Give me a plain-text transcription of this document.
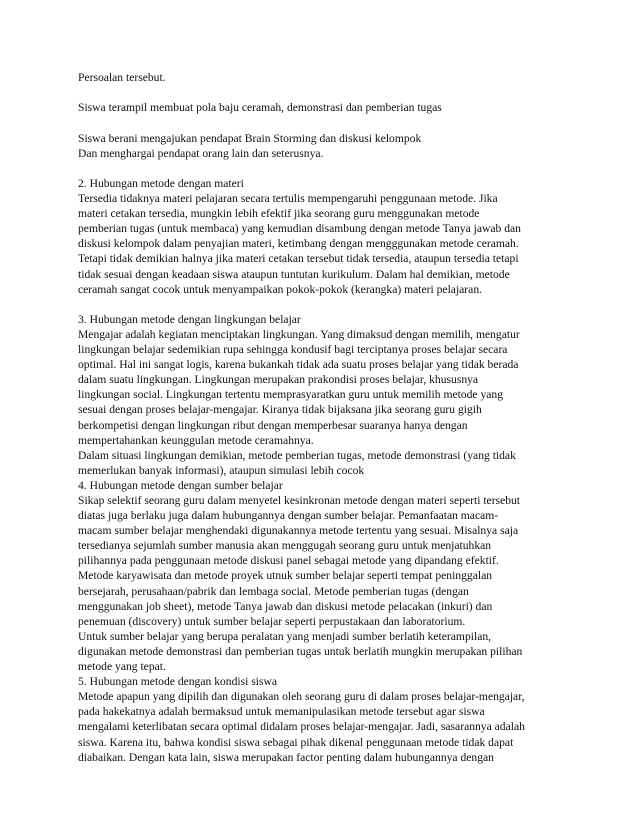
Persoalan tersebut.
Siswa terampil membuat pola baju ceramah, demonstrasi dan pemberian tugas
Siswa berani mengajukan pendapat Brain Storming dan diskusi kelompok
Dan menghargai pendapat orang lain dan seterusnya.
2. Hubungan metode dengan materi
Tersedia tidaknya materi pelajaran secara tertulis mempengaruhi penggunaan metode. Jika
materi cetakan tersedia, mungkin lebih efektif jika seorang guru menggunakan metode
pemberian tugas (untuk membaca) yang kemudian disambung dengan metode Tanya jawab dan
diskusi kelompok dalam penyajian materi, ketimbang dengan mengggunakan metode ceramah.
Tetapi tidak demikian halnya jika materi cetakan tersebut tidak tersedia, ataupun tersedia tetapi
tidak sesuai dengan keadaan siswa ataupun tuntutan kurikulum. Dalam hal demikian, metode
ceramah sangat cocok untuk menyampaikan pokok-pokok (kerangka) materi pelajaran.
3. Hubungan metode dengan lingkungan belajar
Mengajar adalah kegiatan menciptakan lingkungan. Yang dimaksud dengan memilih, mengatur
lingkungan belajar sedemikian rupa sehingga kondusif bagi terciptanya proses belajar secara
optimal. Hal ini sangat logis, karena bukankah tidak ada suatu proses belajar yang tidak berada
dalam suatu lingkungan. Lingkungan merupakan prakondisi proses belajar, khususnya
lingkungan social. Lingkungan tertentu memprasyaratkan guru untuk memilih metode yang
sesuai dengan proses belajar-mengajar. Kiranya tidak bijaksana jika seorang guru gigih
berkompetisi dengan lingkungan ribut dengan memperbesar suaranya hanya dengan
mempertahankan keunggulan metode ceramahnya.
Dalam situasi lingkungan demikian, metode pemberian tugas, metode demonstrasi (yang tidak
memerlukan banyak informasi), ataupun simulasi lebih cocok
4. Hubungan metode dengan sumber belajar
Sikap selektif seorang guru dalam menyetel kesinkronan metode dengan materi seperti tersebut
diatas juga berlaku juga dalam hubungannya dengan sumber belajar. Pemanfaatan macam-
macam sumber belajar menghendaki digunakannya metode tertentu yang sesuai. Misalnya saja
tersedianya sejumlah sumber manusia akan menggugah seorang guru untuk menjatuhkan
pilihannya pada penggunaan metode diskusi panel sebagai metode yang dipandang efektif.
Metode karyawisata dan metode proyek utnuk sumber belajar seperti tempat peninggalan
bersejarah, perusahaan/pabrik dan lembaga social. Metode pemberian tugas (dengan
menggunakan job sheet), metode Tanya jawab dan diskusi metode pelacakan (inkuri) dan
penemuan (discovery) untuk sumber belajar seperti perpustakaan dan laboratorium.
Untuk sumber belajar yang berupa peralatan yang menjadi sumber berlatih keterampilan,
digunakan metode demonstrasi dan pemberian tugas untuk berlatih mungkin merupakan pilihan
metode yang tepat.
5. Hubungan metode dengan kondisi siswa
Metode apapun yang dipilih dan digunakan oleh seorang guru di dalam proses belajar-mengajar,
pada hakekatnya adalah bermaksud untuk memanipulasikan metode tersebut agar siswa
mengalami keterlibatan secara optimal didalam proses belajar-mengajar. Jadi, sasarannya adalah
siswa. Karena itu, bahwa kondisi siswa sebagai pihak dikenal penggunaan metode tidak dapat
diabaikan. Dengan kata lain, siswa merupakan factor penting dalam hubungannya dengan
